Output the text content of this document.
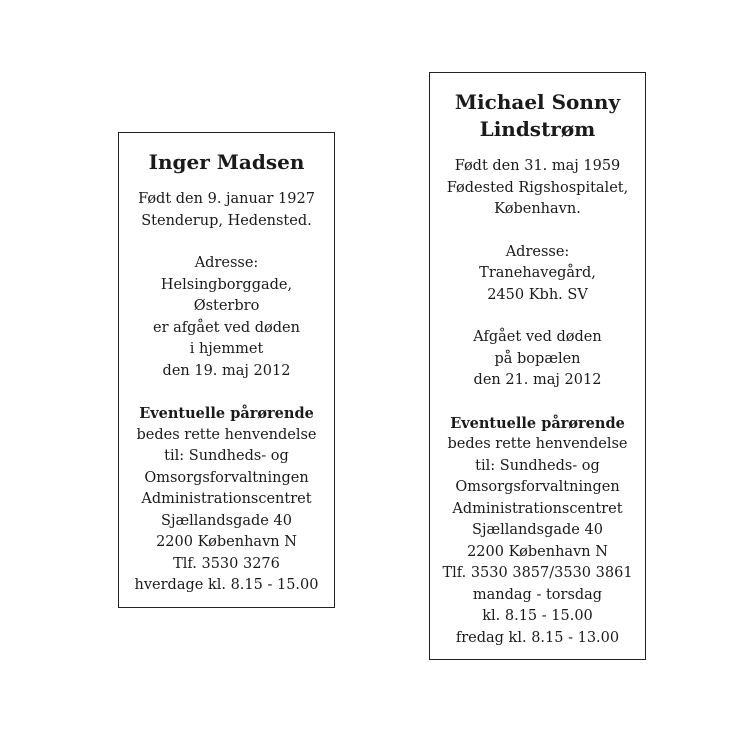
Inger Madsen

Født den 9. januar 1927

Stenderup, Hedensted.

Adresse:

Helsingborggade,

Østerbro

er afgået ved døden

i hjemmet

den 19. maj 2012

Eventuelle pårørende

bedes rette henvendelse

til: Sundheds- og

Omsorgsforvaltningen

Administrationscentret

Sjællandsgade 40

2200 København N

Tlf. 3530 3276

hverdage kl. 8.15 - 15.00

Michael Sonny

Lindstrøm

Født den 31. maj 1959

Fødested Rigshospitalet,

København.

Adresse:

Tranehavegård,

2450 Kbh. SV

Afgået ved døden

på bopælen

den 21. maj 2012

Eventuelle pårørende

bedes rette henvendelse

til: Sundheds- og

Omsorgsforvaltningen

Administrationscentret

Sjællandsgade 40

2200 København N

Tlf. 3530 3857/3530 3861

mandag - torsdag

kl. 8.15 - 15.00

fredag kl. 8.15 - 13.00
